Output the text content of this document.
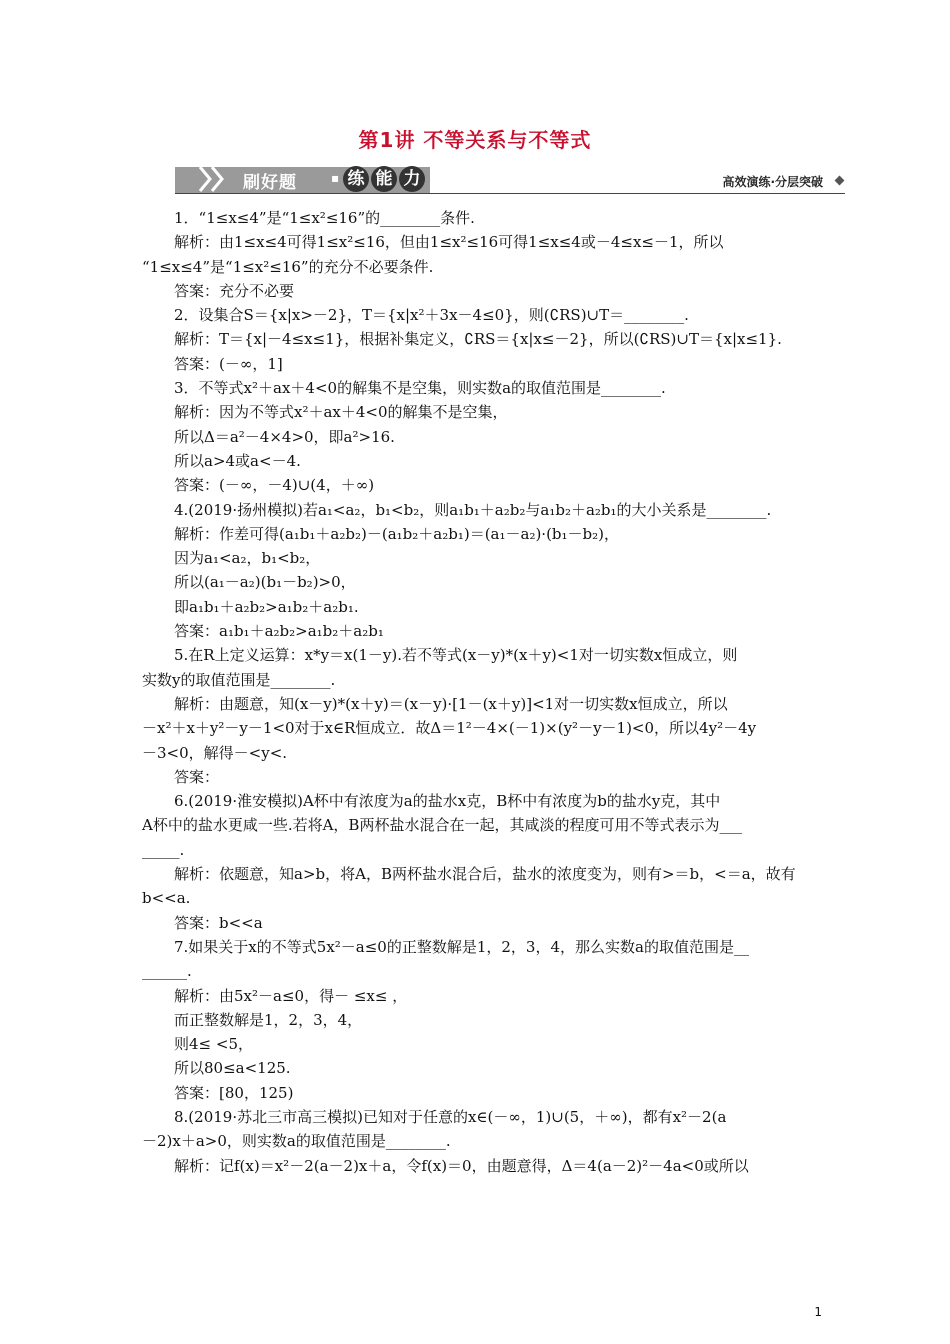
第1讲 不等关系与不等式
刷好题	▪ 练 能 力	高效演练·分层突破

1．“1≤x≤4”是“1≤x²≤16”的________条件.

解析：由1≤x≤4可得1≤x²≤16，但由1≤x²≤16可得1≤x≤4或－4≤x≤－1，所以

“1≤x≤4”是“1≤x²≤16”的充分不必要条件.

答案：充分不必要

2．设集合S＝{x|x>－2}，T＝{x|x²＋3x－4≤0}，则(∁RS)∪T＝________.

解析：T＝{x|－4≤x≤1}，根据补集定义，∁RS＝{x|x≤－2}，所以(∁RS)∪T＝{x|x≤1}.

答案：(－∞，1]

3．不等式x²＋ax＋4<0的解集不是空集，则实数a的取值范围是________.

解析：因为不等式x²＋ax＋4<0的解集不是空集，

所以Δ＝a²－4×4>0，即a²>16.

所以a>4或a<－4.

答案：(－∞，－4)∪(4，＋∞)

4.(2019·扬州模拟)若a₁<a₂，b₁<b₂，则a₁b₁＋a₂b₂与a₁b₂＋a₂b₁的大小关系是________.

解析：作差可得(a₁b₁＋a₂b₂)－(a₁b₂＋a₂b₁)＝(a₁－a₂)·(b₁－b₂)，

因为a₁<a₂，b₁<b₂，

所以(a₁－a₂)(b₁－b₂)>0，

即a₁b₁＋a₂b₂>a₁b₂＋a₂b₁.

答案：a₁b₁＋a₂b₂>a₁b₂＋a₂b₁

5.在R上定义运算：x*y＝x(1－y).若不等式(x－y)*(x＋y)<1对一切实数x恒成立，则

实数y的取值范围是________.

解析：由题意，知(x－y)*(x＋y)＝(x－y)·[1－(x＋y)]<1对一切实数x恒成立，所以

－x²＋x＋y²－y－1<0对于x∈R恒成立．故Δ＝1²－4×(－1)×(y²－y－1)<0，所以4y²－4y

－3<0，解得－<y<.

答案：

6.(2019·淮安模拟)A杯中有浓度为a的盐水x克，B杯中有浓度为b的盐水y克，其中

A杯中的盐水更咸一些.若将A，B两杯盐水混合在一起，其咸淡的程度可用不等式表示为___

_____.

解析：依题意，知a>b，将A，B两杯盐水混合后，盐水的浓度变为，则有>＝b，<＝a，故有

b<<a.

答案：b<<a

7.如果关于x的不等式5x²－a≤0的正整数解是1，2，3，4，那么实数a的取值范围是__

______.

解析：由5x²－a≤0，得－ ≤x≤ ，

而正整数解是1，2，3，4，

则4≤ <5，

所以80≤a<125.

答案：[80，125)

8.(2019·苏北三市高三模拟)已知对于任意的x∈(－∞，1)∪(5，＋∞)，都有x²－2(a

－2)x＋a>0，则实数a的取值范围是________.

解析：记f(x)＝x²－2(a－2)x＋a，令f(x)＝0，由题意得，Δ＝4(a－2)²－4a<0或所以

1
